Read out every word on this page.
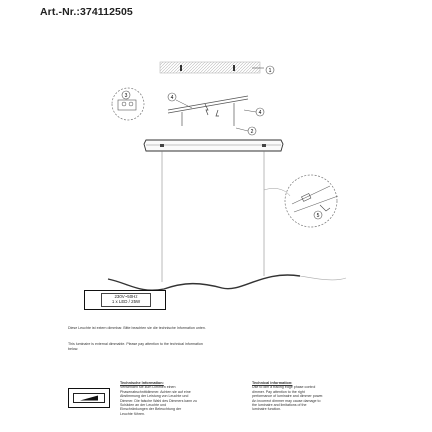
Art.-Nr.:374112505
1
2
3	4
4
5
230V~50Hz
1 x LED / 25W
Diese Leuchte ist extern dimmbar. Bitte beachten sie die technische Information unten.
This luminaire is external dimmable. Please pay attention to the technical information
below.
Technische Information:
Verwenden sie zum Dimmen einen
Phasenabschnittdimmer. Achten sie auf eine
Abstimmung der Leistung von Leuchte und
Dimmer. Die falsche Wahl des Dimmers kann zu
Schäden an der Leuchte und
Einschränkungen der Beleuchtung der
Leuchte führen.
Technical information:
Use to dim a trailing edge phase control
dimmer. Pay attention to the right
performance of luminaire and dimmer power.
An incorrect dimmer may cause damage to
the luminaire and limitations of the
luminaire function.
